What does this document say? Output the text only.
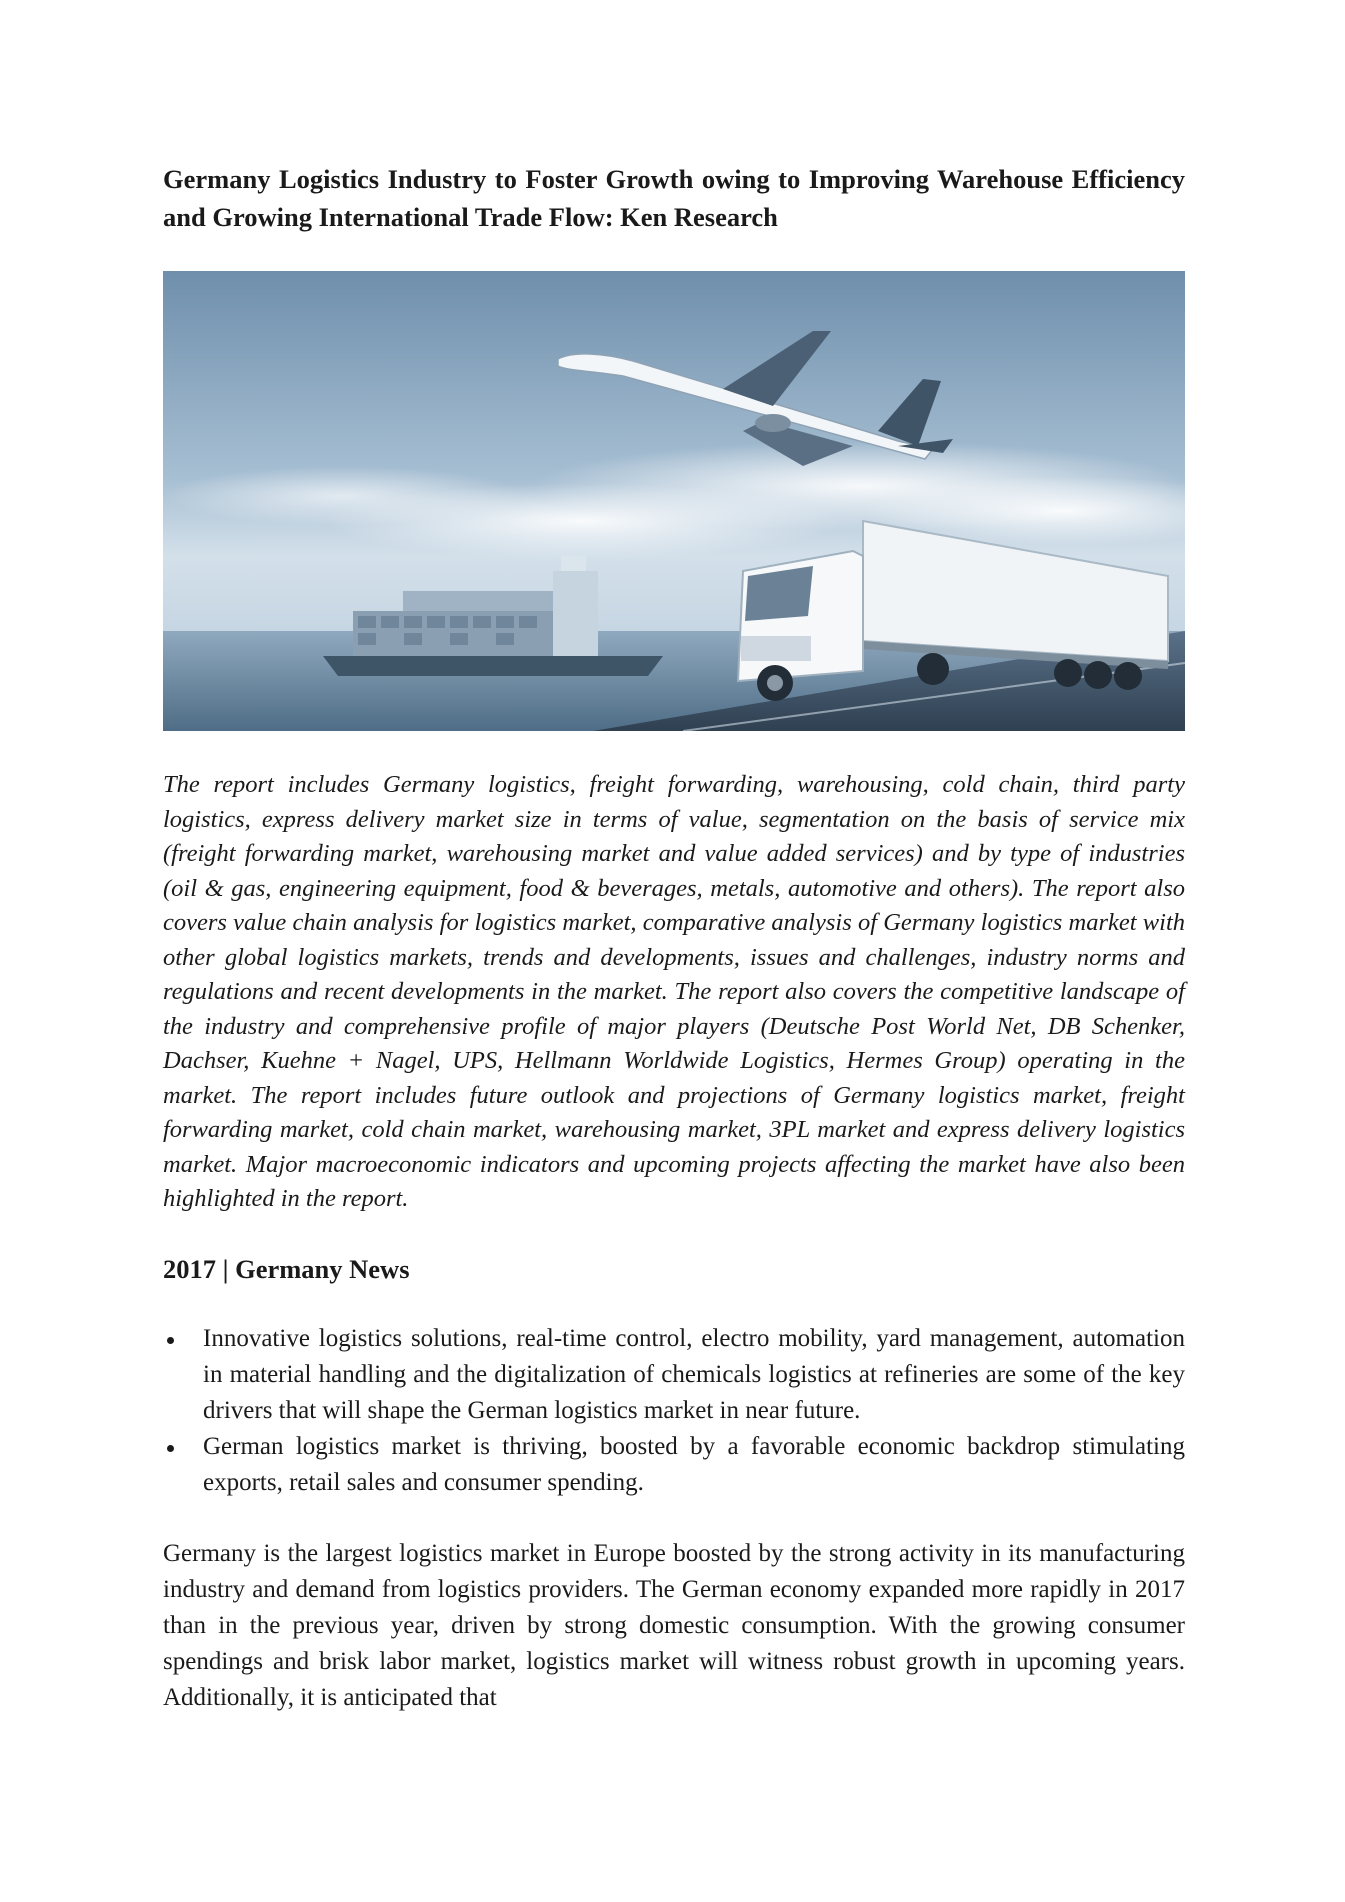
Germany Logistics Industry to Foster Growth owing to Improving Warehouse Efficiency and Growing International Trade Flow: Ken Research

The report includes Germany logistics, freight forwarding, warehousing, cold chain, third party logistics, express delivery market size in terms of value, segmentation on the basis of service mix (freight forwarding market, warehousing market and value added services) and by type of industries (oil & gas, engineering equipment, food & beverages, metals, automotive and others). The report also covers value chain analysis for logistics market, comparative analysis of Germany logistics market with other global logistics markets, trends and developments, issues and challenges, industry norms and regulations and recent developments in the market. The report also covers the competitive landscape of the industry and comprehensive profile of major players (Deutsche Post World Net, DB Schenker, Dachser, Kuehne + Nagel, UPS, Hellmann Worldwide Logistics, Hermes Group) operating in the market. The report includes future outlook and projections of Germany logistics market, freight forwarding market, cold chain market, warehousing market, 3PL market and express delivery logistics market. Major macroeconomic indicators and upcoming projects affecting the market have also been highlighted in the report.

2017 | Germany News
Innovative logistics solutions, real-time control, electro mobility, yard management, automation in material handling and the digitalization of chemicals logistics at refineries are some of the key drivers that will shape the German logistics market in near future.
German logistics market is thriving, boosted by a favorable economic backdrop stimulating exports, retail sales and consumer spending.

Germany is the largest logistics market in Europe boosted by the strong activity in its manufacturing industry and demand from logistics providers. The German economy expanded more rapidly in 2017 than in the previous year, driven by strong domestic consumption. With the growing consumer spendings and brisk labor market, logistics market will witness robust growth in upcoming years. Additionally, it is anticipated that
